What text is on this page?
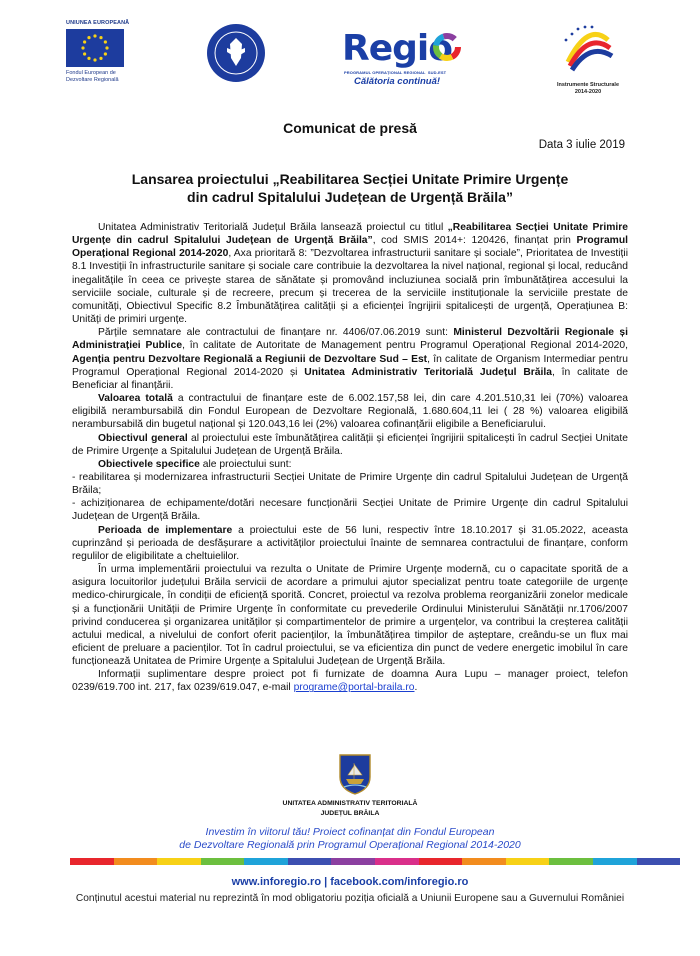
UNIUNEA EUROPEANĂ
Fondul European de
Dezvoltare Regională
Regio
PROGRAMUL OPERAȚIONAL REGIONAL SUD-EST
Călătoria continuă!	Instrumente Structurale
2014-2020
Comunicat de presă
Data 3 iulie 2019
Lansarea proiectului „Reabilitarea Secției Unitate Primire Urgențe
din cadrul Spitalului Județean de Urgență Brăila”

Unitatea Administrativ Teritorială Județul Brăila lansează proiectul cu titlul „Reabilitarea Secției Unitate Primire Urgențe din cadrul Spitalului Județean de Urgență Brăila”, cod SMIS 2014+: 120426, finanțat prin Programul Operațional Regional 2014-2020, Axa prioritară 8: ”Dezvoltarea infrastructurii sanitare și sociale”, Prioritatea de Investiții 8.1 Investiții în infrastructurile sanitare și sociale care contribuie la dezvoltarea la nivel național, regional și local, reducând inegalitățile în ceea ce privește starea de sănătate și promovând incluziunea socială prin îmbunătățirea accesului la serviciile sociale, culturale și de recreere, precum și trecerea de la serviciile instituționale la serviciile prestate de comunități, Obiectivul Specific 8.2 Îmbunătățirea calității și a eficienței îngrijirii spitalicești de urgență, Operațiunea B: Unități de primiri urgențe.

Părțile semnatare ale contractului de finanțare nr. 4406/07.06.2019 sunt: Ministerul Dezvoltării Regionale și Administrației Publice, în calitate de Autoritate de Management pentru Programul Operațional Regional 2014-2020, Agenția pentru Dezvoltare Regională a Regiunii de Dezvoltare Sud – Est, în calitate de Organism Intermediar pentru Programul Operațional Regional 2014-2020 și Unitatea Administrativ Teritorială Județul Brăila, în calitate de Beneficiar al finanțării.

Valoarea totală a contractului de finanțare este de 6.002.157,58 lei, din care 4.201.510,31 lei (70%) valoarea eligibilă nerambursabilă din Fondul European de Dezvoltare Regională, 1.680.604,11 lei ( 28 %) valoarea eligibilă nerambursabilă din bugetul național și 120.043,16 lei (2%) valoarea cofinanțării eligibile a Beneficiarului.

Obiectivul general al proiectului este îmbunătățirea calității și eficienței îngrijirii spitalicești în cadrul Secției Unitate de Primire Urgențe a Spitalului Județean de Urgență Brăila.

Obiectivele specifice ale proiectului sunt:

- reabilitarea și modernizarea infrastructurii Secției Unitate de Primire Urgențe din cadrul Spitalului Județean de Urgență Brăila;

- achiziționarea de echipamente/dotări necesare funcționării Secției Unitate de Primire Urgențe din cadrul Spitalului Județean de Urgență Brăila.

Perioada de implementare a proiectului este de 56 luni, respectiv între 18.10.2017 și 31.05.2022, aceasta cuprinzând și perioada de desfășurare a activităților proiectului înainte de semnarea contractului de finanțare, conform regulilor de eligibilitate a cheltuielilor.

În urma implementării proiectului va rezulta o Unitate de Primire Urgențe modernă, cu o capacitate sporită de a asigura locuitorilor județului Brăila servicii de acordare a primului ajutor specializat pentru toate categoriile de urgențe medico-chirurgicale, în condiții de eficiență sporită. Concret, proiectul va rezolva problema reorganizării zonelor medicale și a funcționării Unității de Primire Urgențe în conformitate cu prevederile Ordinului Ministerului Sănătății nr.1706/2007 privind conducerea și organizarea unităților și compartimentelor de primire a urgențelor, va contribui la creșterea calității actului medical, a nivelului de confort oferit pacienților, la îmbunătățirea timpilor de așteptare, creându-se un flux mai eficient de preluare a pacienților. Tot în cadrul proiectului, se va eficientiza din punct de vedere energetic imobilul în care funcționează Unitatea de Primire Urgențe a Spitalului Județean de Urgență Brăila.

Informații suplimentare despre proiect pot fi furnizate de doamna Aura Lupu – manager proiect, telefon 0239/619.700 int. 217, fax 0239/619.047, e-mail programe@portal-braila.ro.

UNITATEA ADMINISTRATIV TERITORIALĂ
JUDEȚUL BRĂILA
Investim în viitorul tău! Proiect cofinanțat din Fondul European
de Dezvoltare Regională prin Programul Operațional Regional 2014-2020
www.inforegio.ro | facebook.com/inforegio.ro
Conținutul acestui material nu reprezintă în mod obligatoriu poziția oficială a Uniunii Europene sau a Guvernului României
